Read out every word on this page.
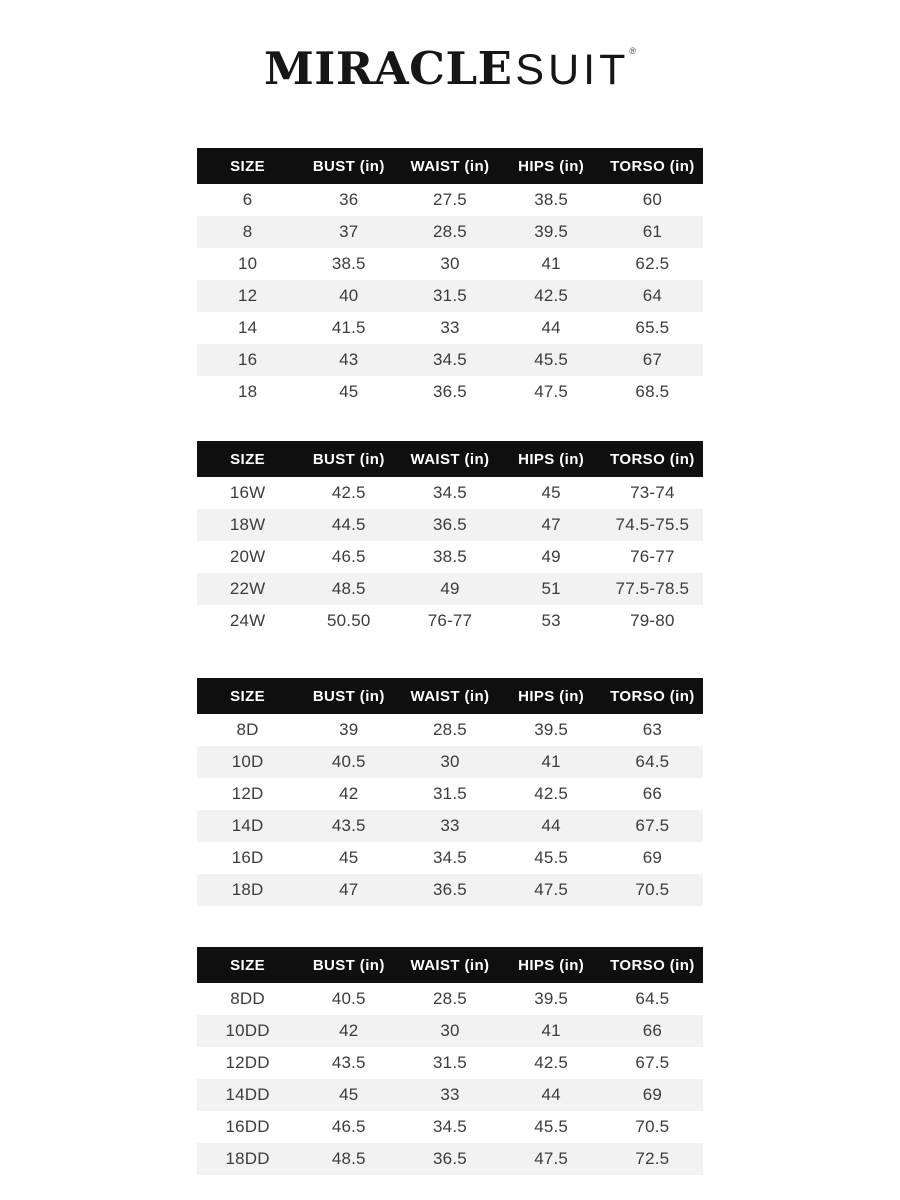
MIRACLESUIT®
SIZE	BUST (in)	WAIST (in)	HIPS (in)	TORSO (in)
6	36	27.5	38.5	60
8	37	28.5	39.5	61
10	38.5	30	41	62.5
12	40	31.5	42.5	64
14	41.5	33	44	65.5
16	43	34.5	45.5	67
18	45	36.5	47.5	68.5
SIZE	BUST (in)	WAIST (in)	HIPS (in)	TORSO (in)
16W	42.5	34.5	45	73-74
18W	44.5	36.5	47	74.5-75.5
20W	46.5	38.5	49	76-77
22W	48.5	49	51	77.5-78.5
24W	50.50	76-77	53	79-80
SIZE	BUST (in)	WAIST (in)	HIPS (in)	TORSO (in)
8D	39	28.5	39.5	63
10D	40.5	30	41	64.5
12D	42	31.5	42.5	66
14D	43.5	33	44	67.5
16D	45	34.5	45.5	69
18D	47	36.5	47.5	70.5
SIZE	BUST (in)	WAIST (in)	HIPS (in)	TORSO (in)
8DD	40.5	28.5	39.5	64.5
10DD	42	30	41	66
12DD	43.5	31.5	42.5	67.5
14DD	45	33	44	69
16DD	46.5	34.5	45.5	70.5
18DD	48.5	36.5	47.5	72.5
